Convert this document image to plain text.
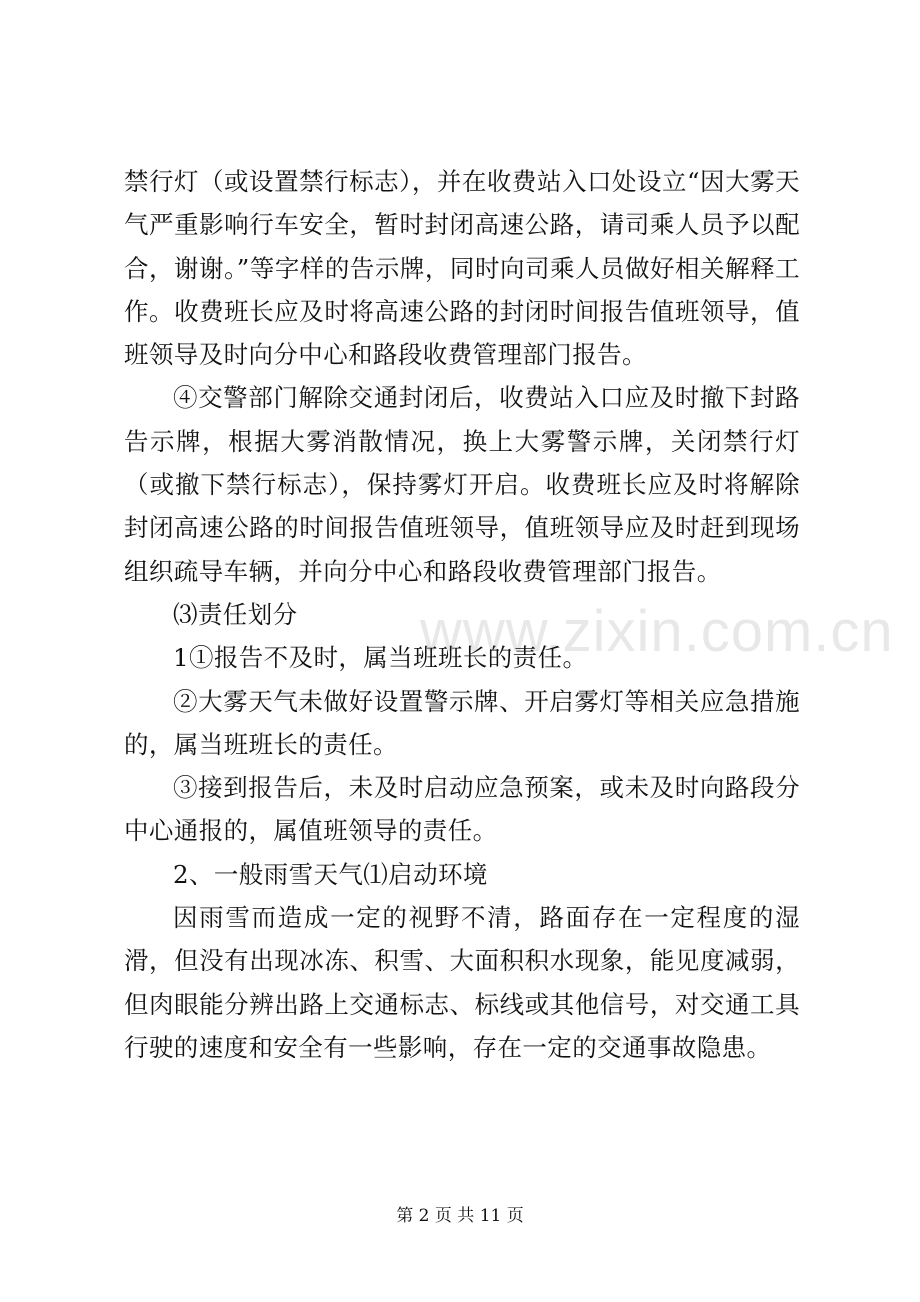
禁行灯（或设置禁行标志），并在收费站入口处设立“因大雾天气严重影响行车安全，暂时封闭高速公路，请司乘人员予以配合，谢谢。”等字样的告示牌，同时向司乘人员做好相关解释工作。收费班长应及时将高速公路的封闭时间报告值班领导，值班领导及时向分中心和路段收费管理部门报告。

④交警部门解除交通封闭后，收费站入口应及时撤下封路告示牌，根据大雾消散情况，换上大雾警示牌，关闭禁行灯（或撤下禁行标志），保持雾灯开启。收费班长应及时将解除封闭高速公路的时间报告值班领导，值班领导应及时赶到现场组织疏导车辆，并向分中心和路段收费管理部门报告。

⑶责任划分

1①报告不及时，属当班班长的责任。

②大雾天气未做好设置警示牌、开启雾灯等相关应急措施的，属当班班长的责任。

③接到报告后，未及时启动应急预案，或未及时向路段分中心通报的，属值班领导的责任。

2、一般雨雪天气⑴启动环境

因雨雪而造成一定的视野不清，路面存在一定程度的湿滑，但没有出现冰冻、积雪、大面积积水现象，能见度减弱，但肉眼能分辨出路上交通标志、标线或其他信号，对交通工具行驶的速度和安全有一些影响，存在一定的交通事故隐患。

www.zixin.com.cn
第 2 页 共 11 页
